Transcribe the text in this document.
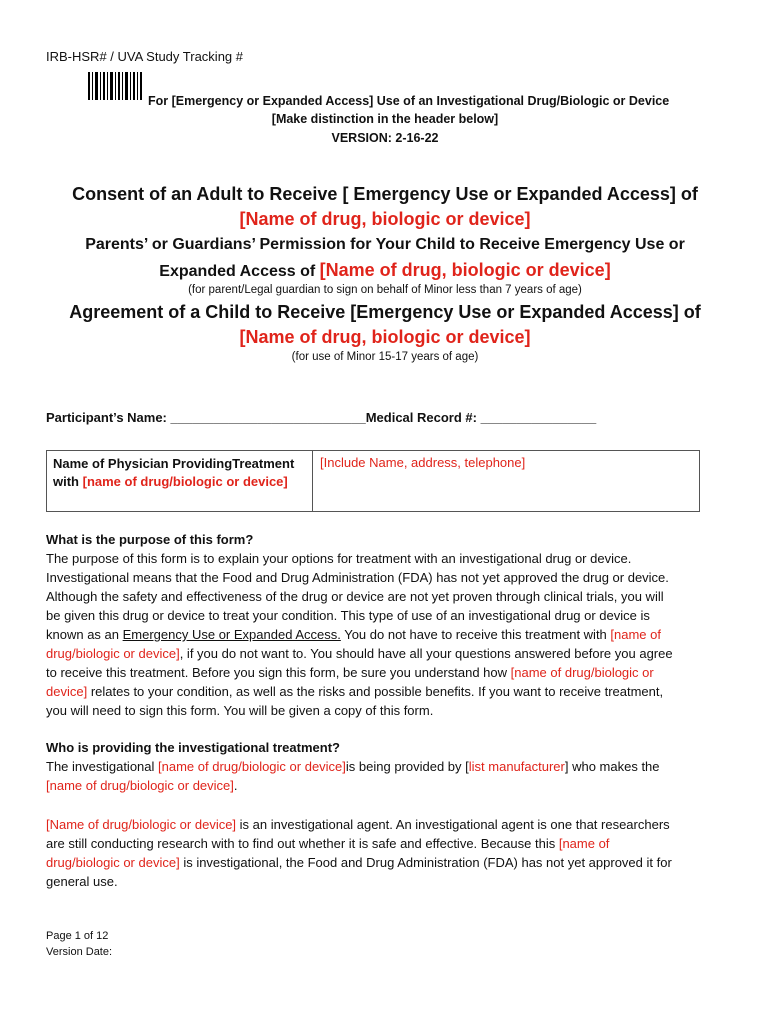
IRB-HSR# / UVA Study Tracking #
For [Emergency or Expanded Access] Use of an Investigational Drug/Biologic or Device
[Make distinction in the header below]
VERSION: 2-16-22
Consent of an Adult to Receive [ Emergency Use or Expanded Access] of
[Name of drug, biologic or device]
Parents’ or Guardians’ Permission for Your Child to Receive Emergency Use or
Expanded Access of [Name of drug, biologic or device]
(for parent/Legal guardian to sign on behalf of Minor less than 7 years of age)
Agreement of a Child to Receive [Emergency Use or Expanded Access] of
[Name of drug, biologic or device]
(for use of Minor 15-17 years of age)
Participant’s Name: ___________________________Medical Record #: ________________
Name of Physician ProvidingTreatment
with [name of drug/biologic or device]
[Include Name, address, telephone]
What is the purpose of this form?
The purpose of this form is to explain your options for treatment with an investigational drug or device.
Investigational means that the Food and Drug Administration (FDA) has not yet approved the drug or device.
Although the safety and effectiveness of the drug or device are not yet proven through clinical trials, you will
be given this drug or device to treat your condition. This type of use of an investigational drug or device is
known as an Emergency Use or Expanded Access. You do not have to receive this treatment with [name of
drug/biologic or device], if you do not want to. You should have all your questions answered before you agree
to receive this treatment. Before you sign this form, be sure you understand how [name of drug/biologic or
device] relates to your condition, as well as the risks and possible benefits. If you want to receive treatment,
you will need to sign this form. You will be given a copy of this form.
Who is providing the investigational treatment?
The investigational [name of drug/biologic or device]is being provided by [list manufacturer] who makes the
[name of drug/biologic or device].
[Name of drug/biologic or device] is an investigational agent. An investigational agent is one that researchers
are still conducting research with to find out whether it is safe and effective. Because this [name of
drug/biologic or device] is investigational, the Food and Drug Administration (FDA) has not yet approved it for
general use.
Page 1 of 12
Version Date:
